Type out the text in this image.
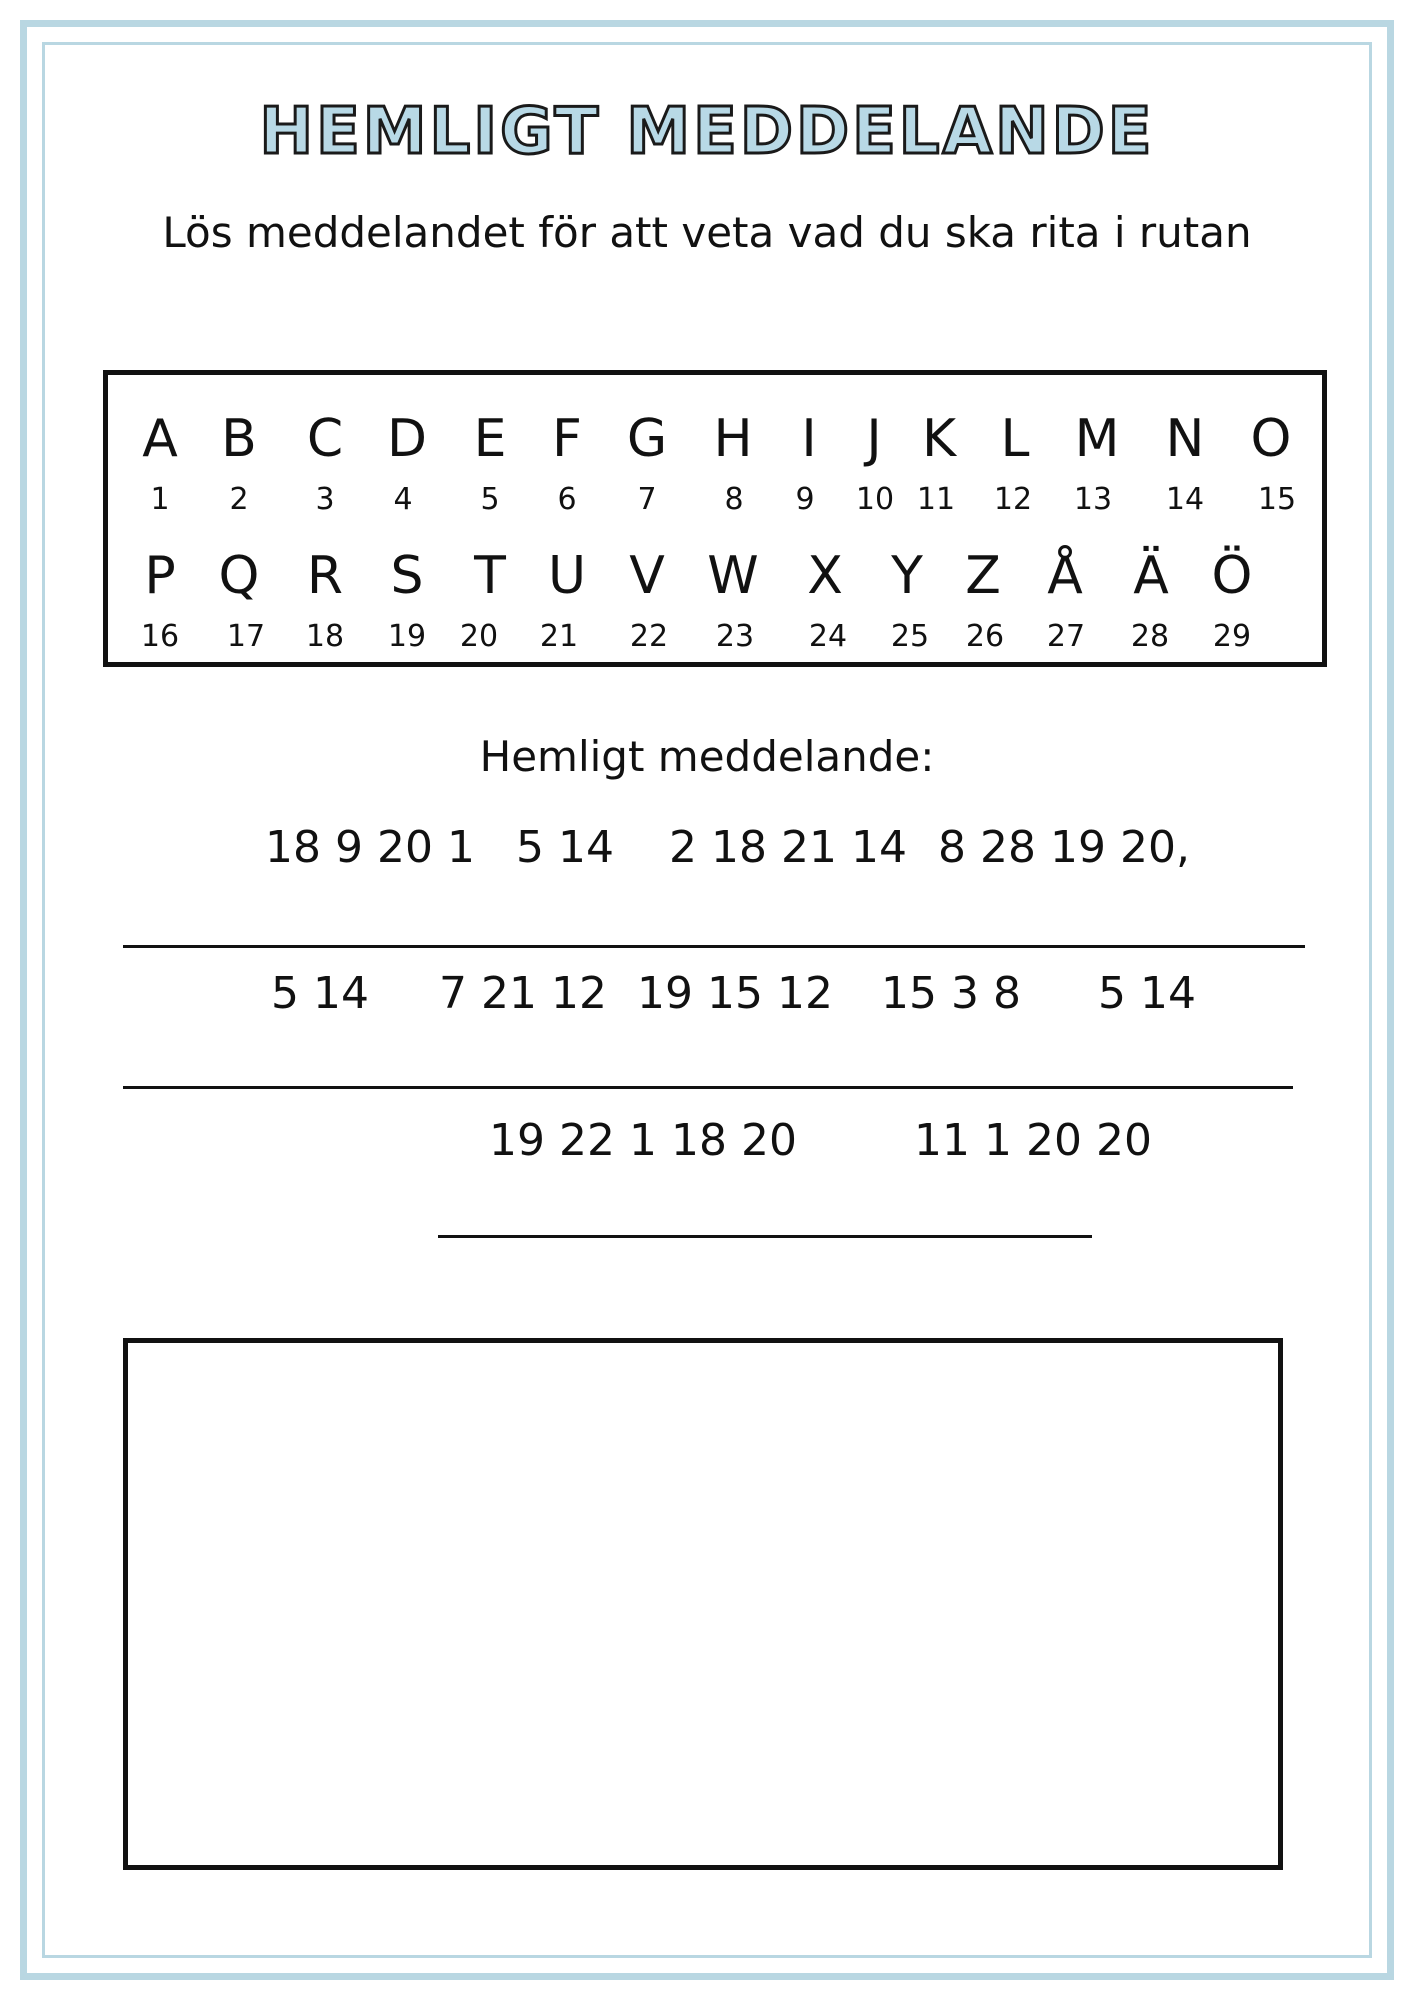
HEMLIGT MEDDELANDE
Lös meddelandet för att veta vad du ska rita i rutan
A
1
B
2
C
3
D
4
E
5
F
6
G
7
H
8
I
9
J
10
K
11
L
12
M
13
N
14
O
15
P
16
Q
17
R
18
S
19
T
20
U
21
V
22
W
23
X
24
Y
25
Z
26
Å
27
Ä
28
Ö
29
Hemligt meddelande:
18 9 20 1 5 14 2 18 21 14 8 28 19 20,
5 14 7 21 12 19 15 12 15 3 8 5 14
19 22 1 18 20	11 1 20 20
